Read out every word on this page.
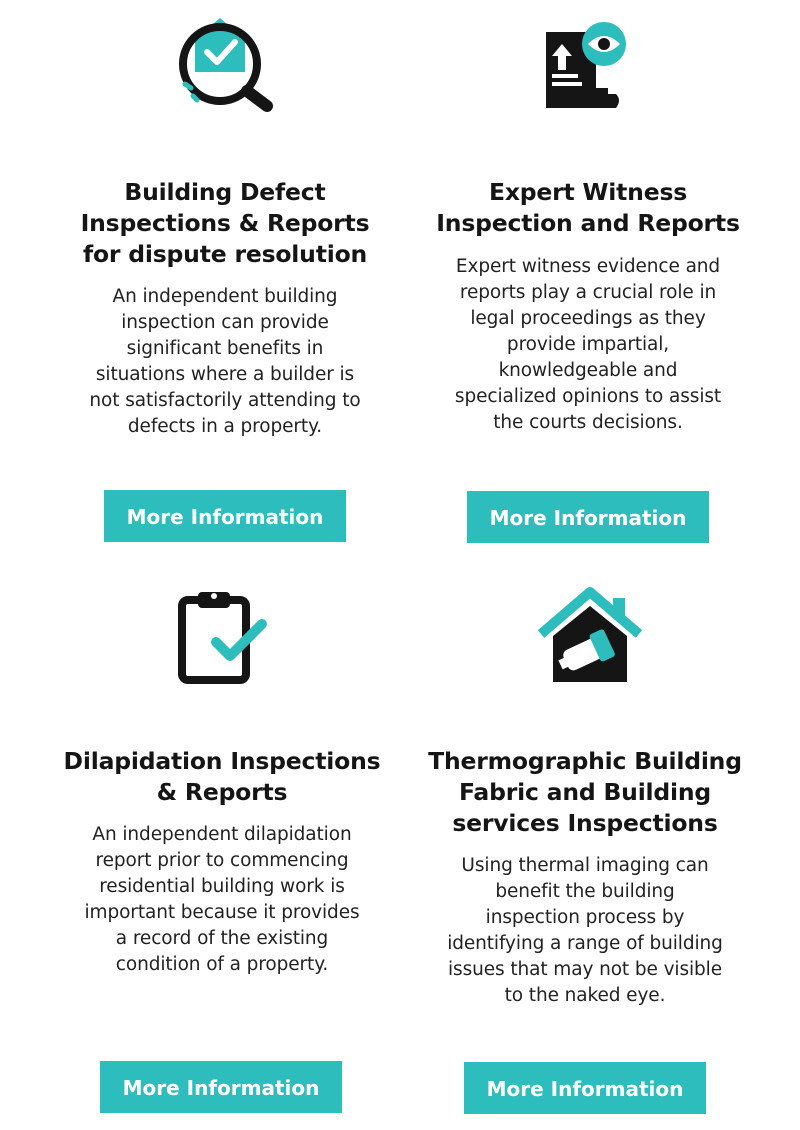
Building Defect
Inspections & Reports
for dispute resolution

An independent building
inspection can provide
significant benefits in
situations where a builder is
not satisfactorily attending to
defects in a property.

More Information
Expert Witness
Inspection and Reports

Expert witness evidence and
reports play a crucial role in
legal proceedings as they
provide impartial,
knowledgeable and
specialized opinions to assist
the courts decisions.

More Information
Dilapidation Inspections
& Reports

An independent dilapidation
report prior to commencing
residential building work is
important because it provides
a record of the existing
condition of a property.

More Information
Thermographic Building
Fabric and Building
services Inspections

Using thermal imaging can
benefit the building
inspection process by
identifying a range of building
issues that may not be visible
to the naked eye.

More Information
